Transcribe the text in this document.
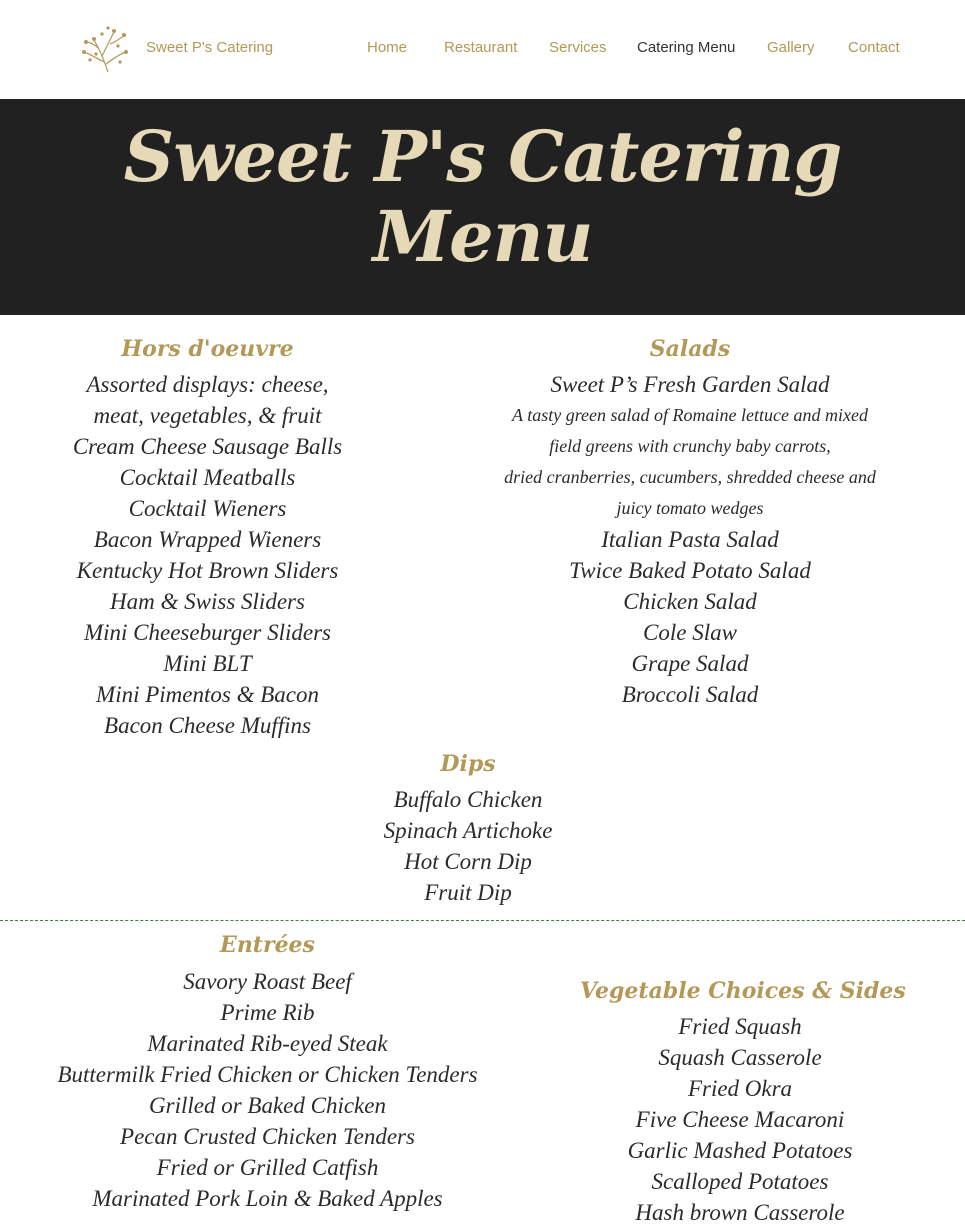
Sweet P's Catering	Home Restaurant Services Catering Menu Gallery Contact
Sweet P's Catering
Menu
Hors d'oeuvre
Assorted displays: cheese, meat, vegetables, & fruit
Cream Cheese Sausage Balls
Cocktail Meatballs
Cocktail Wieners
Bacon Wrapped Wieners
Kentucky Hot Brown Sliders
Ham & Swiss Sliders
Mini Cheeseburger Sliders
Mini BLT
Mini Pimentos & Bacon
Bacon Cheese Muffins
Salads
Sweet P’s Fresh Garden Salad
A tasty green salad of Romaine lettuce and mixed
field greens with crunchy baby carrots,
dried cranberries, cucumbers, shredded cheese and
juicy tomato wedges
Italian Pasta Salad
Twice Baked Potato Salad
Chicken Salad
Cole Slaw
Grape Salad
Broccoli Salad
Dips
Buffalo Chicken
Spinach Artichoke
Hot Corn Dip
Fruit Dip
Entrées
Savory Roast Beef
Prime Rib
Marinated Rib-eyed Steak
Buttermilk Fried Chicken or Chicken Tenders
Grilled or Baked Chicken
Pecan Crusted Chicken Tenders
Fried or Grilled Catfish
Marinated Pork Loin & Baked Apples
Vegetable Choices & Sides
Fried Squash
Squash Casserole
Fried Okra
Five Cheese Macaroni
Garlic Mashed Potatoes
Scalloped Potatoes
Hash brown Casserole
